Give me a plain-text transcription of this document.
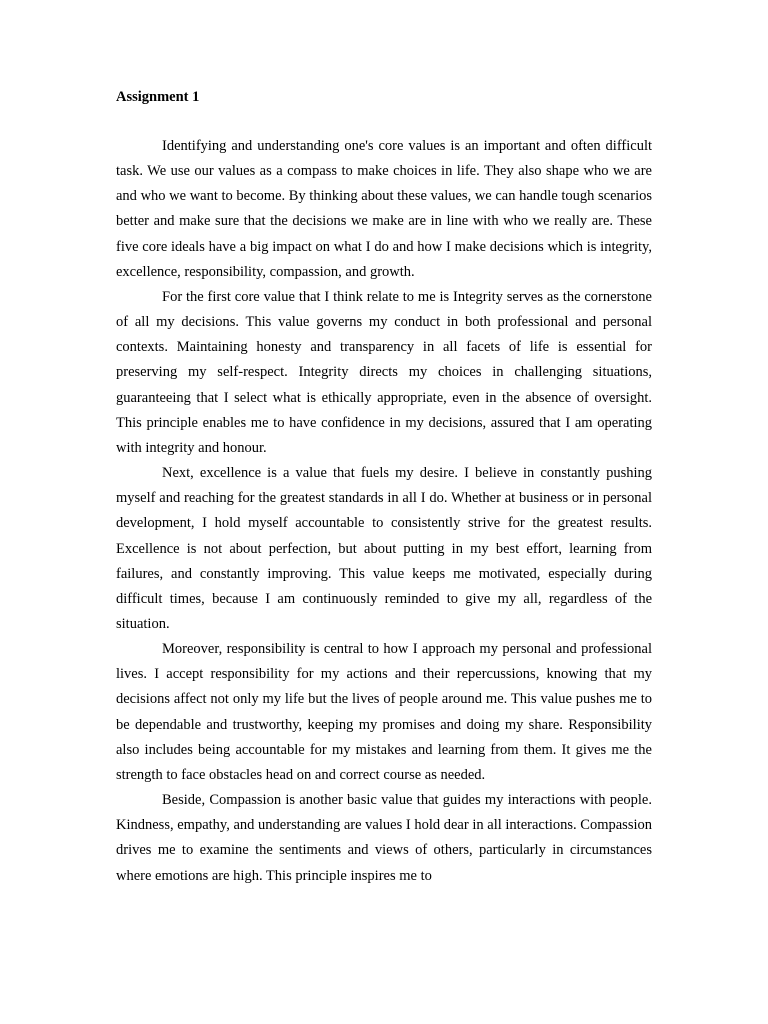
Assignment 1

Identifying and understanding one's core values is an important and often difficult task. We use our values as a compass to make choices in life. They also shape who we are and who we want to become. By thinking about these values, we can handle tough scenarios better and make sure that the decisions we make are in line with who we really are. These five core ideals have a big impact on what I do and how I make decisions which is integrity, excellence, responsibility, compassion, and growth.

For the first core value that I think relate to me is Integrity serves as the cornerstone of all my decisions. This value governs my conduct in both professional and personal contexts. Maintaining honesty and transparency in all facets of life is essential for preserving my self-respect. Integrity directs my choices in challenging situations, guaranteeing that I select what is ethically appropriate, even in the absence of oversight. This principle enables me to have confidence in my decisions, assured that I am operating with integrity and honour.

Next, excellence is a value that fuels my desire. I believe in constantly pushing myself and reaching for the greatest standards in all I do. Whether at business or in personal development, I hold myself accountable to consistently strive for the greatest results. Excellence is not about perfection, but about putting in my best effort, learning from failures, and constantly improving. This value keeps me motivated, especially during difficult times, because I am continuously reminded to give my all, regardless of the situation.

Moreover, responsibility is central to how I approach my personal and professional lives. I accept responsibility for my actions and their repercussions, knowing that my decisions affect not only my life but the lives of people around me. This value pushes me to be dependable and trustworthy, keeping my promises and doing my share. Responsibility also includes being accountable for my mistakes and learning from them. It gives me the strength to face obstacles head on and correct course as needed.

Beside, Compassion is another basic value that guides my interactions with people. Kindness, empathy, and understanding are values I hold dear in all interactions. Compassion drives me to examine the sentiments and views of others, particularly in circumstances where emotions are high. This principle inspires me to
